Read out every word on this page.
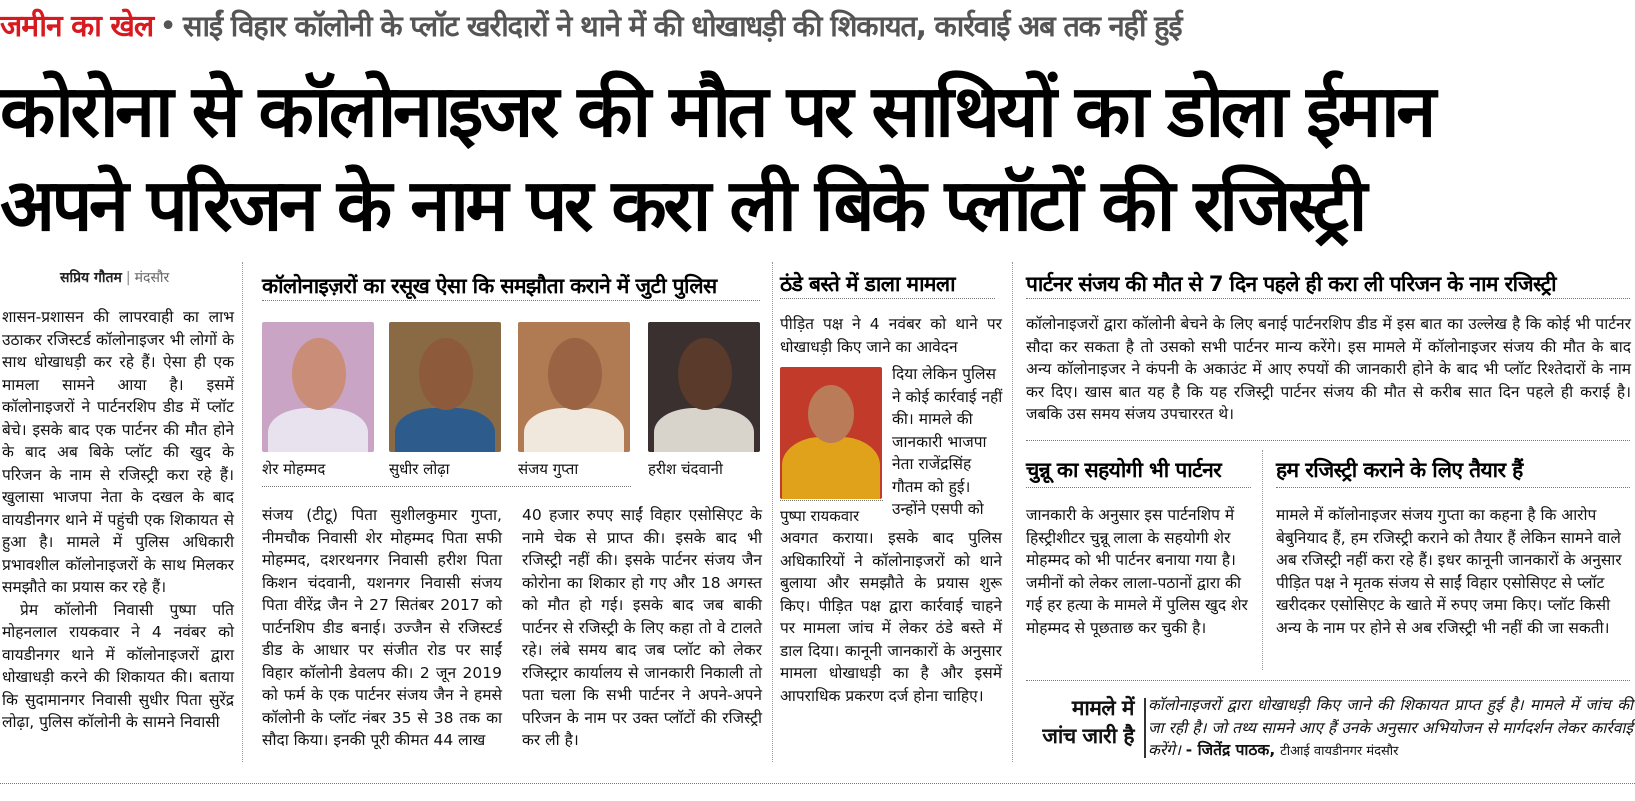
जमीन का खेल • साईं विहार कॉलोनी के प्लॉट खरीदारों ने थाने में की धोखाधड़ी की शिकायत, कार्रवाई अब तक नहीं हुई
कोरोना से कॉलोनाइजर की मौत पर साथियों का डोला ईमान
अपने परिजन के नाम पर करा ली बिके प्लॉटों की रजिस्ट्री
सप्रिय गौतम | मंदसौर

शासन-प्रशासन की लापरवाही का लाभ उठाकर रजिस्टर्ड कॉलोनाइजर भी लोगों के साथ धोखाधड़ी कर रहे हैं। ऐसा ही एक मामला सामने आया है। इसमें कॉलोनाइजरों ने पार्टनरशिप डीड में प्लॉट बेचे। इसके बाद एक पार्टनर की मौत होने के बाद अब बिके प्लॉट की खुद के परिजन के नाम से रजिस्ट्री करा रहे हैं। खुलासा भाजपा नेता के दखल के बाद वायडीनगर थाने में पहुंची एक शिकायत से हुआ है। मामले में पुलिस अधिकारी प्रभावशील कॉलोनाइजरों के साथ मिलकर समझौते का प्रयास कर रहे हैं।

प्रेम कॉलोनी निवासी पुष्पा पति मोहनलाल रायकवार ने 4 नवंबर को वायडीनगर थाने में कॉलोनाइजरों द्वारा धोखाधड़ी करने की शिकायत की। बताया कि सुदामानगर निवासी सुधीर पिता सुरेंद्र लोढ़ा, पुलिस कॉलोनी के सामने निवासी

कॉलोनाइज़रों का रसूख ऐसा कि समझौता कराने में जुटी पुलिस
शेर मोहम्मद	सुधीर लोढ़ा	संजय गुप्ता	हरीश चंदवानी
संजय (टीटू) पिता सुशीलकुमार गुप्ता, नीमचौक निवासी शेर मोहम्मद पिता सफी मोहम्मद, दशरथनगर निवासी हरीश पिता किशन चंदवानी, यशनगर निवासी संजय पिता वीरेंद्र जैन ने 27 सितंबर 2017 को पार्टनशिप डीड बनाई। उज्जैन से रजिस्टर्ड डीड के आधार पर संजीत रोड पर साईं विहार कॉलोनी डेवलप की। 2 जून 2019 को फर्म के एक पार्टनर संजय जैन ने हमसे कॉलोनी के प्लॉट नंबर 35 से 38 तक का सौदा किया। इनकी पूरी कीमत 44 लाख
40 हजार रुपए साईं विहार एसोसिएट के नामे चेक से प्राप्त की। इसके बाद भी रजिस्ट्री नहीं की। इसके पार्टनर संजय जैन कोरोना का शिकार हो गए और 18 अगस्त को मौत हो गई। इसके बाद जब बाकी पार्टनर से रजिस्ट्री के लिए कहा तो वे टालते रहे। लंबे समय बाद जब प्लॉट को लेकर रजिस्ट्रार कार्यालय से जानकारी निकाली तो पता चला कि सभी पार्टनर ने अपने-अपने परिजन के नाम पर उक्त प्लॉटों की रजिस्ट्री कर ली है।
ठंडे बस्ते में डाला मामला
पीड़ित पक्ष ने 4 नवंबर को थाने पर धोखाधड़ी किए जाने का आवेदन
पुष्पा रायकवार
दिया लेकिन पुलिस ने कोई कार्रवाई नहीं की। मामले की जानकारी भाजपा नेता राजेंद्रसिंह गौतम को हुई। उन्होंने एसपी को
अवगत कराया। इसके बाद पुलिस अधिकारियों ने कॉलोनाइजरों को थाने बुलाया और समझौते के प्रयास शुरू किए। पीड़ित पक्ष द्वारा कार्रवाई चाहने पर मामला जांच में लेकर ठंडे बस्ते में डाल दिया। कानूनी जानकारों के अनुसार मामला धोखाधड़ी का है और इसमें आपराधिक प्रकरण दर्ज होना चाहिए।
पार्टनर संजय की मौत से 7 दिन पहले ही करा ली परिजन के नाम रजिस्ट्री
कॉलोनाइजरों द्वारा कॉलोनी बेचने के लिए बनाई पार्टनरशिप डीड में इस बात का उल्लेख है कि कोई भी पार्टनर सौदा कर सकता है तो उसको सभी पार्टनर मान्य करेंगे। इस मामले में कॉलोनाइजर संजय की मौत के बाद अन्य कॉलोनाइजर ने कंपनी के अकाउंट में आए रुपयों की जानकारी होने के बाद भी प्लॉट रिश्तेदारों के नाम कर दिए। खास बात यह है कि यह रजिस्ट्री पार्टनर संजय की मौत से करीब सात दिन पहले ही कराई है। जबकि उस समय संजय उपचाररत थे।
चुन्नू का सहयोगी भी पार्टनर
जानकारी के अनुसार इस पार्टनशिप में हिस्ट्रीशीटर चुन्नू लाला के सहयोगी शेर मोहम्मद को भी पार्टनर बनाया गया है। जमीनों को लेकर लाला-पठानों द्वारा की गई हर हत्या के मामले में पुलिस खुद शेर मोहम्मद से पूछताछ कर चुकी है।
हम रजिस्ट्री कराने के लिए तैयार हैं
मामले में कॉलोनाइजर संजय गुप्ता का कहना है कि आरोप बेबुनियाद हैं, हम रजिस्ट्री कराने को तैयार हैं लेकिन सामने वाले अब रजिस्ट्री नहीं करा रहे हैं। इधर कानूनी जानकारों के अनुसार पीड़ित पक्ष ने मृतक संजय से साईं विहार एसोसिएट से प्लॉट खरीदकर एसोसिएट के खाते में रुपए जमा किए। प्लॉट किसी अन्य के नाम पर होने से अब रजिस्ट्री भी नहीं की जा सकती।
मामले में
जांच जारी है
कॉलोनाइजरों द्वारा धोखाधड़ी किए जाने की शिकायत प्राप्त हुई है। मामले में जांच की जा रही है। जो तथ्य सामने आए हैं उनके अनुसार अभियोजन से मार्गदर्शन लेकर कार्रवाई करेंगे। - जितेंद्र पाठक, टीआई वायडीनगर मंदसौर
